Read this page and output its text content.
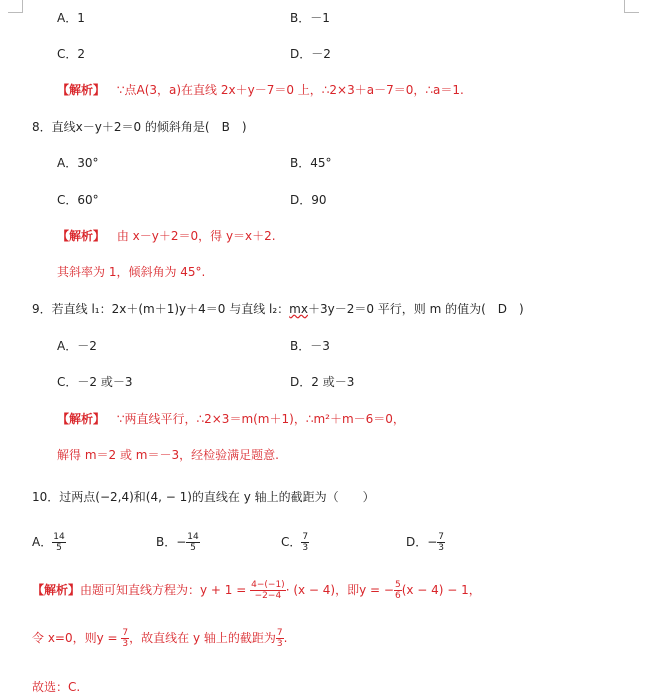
A．1	B．－1
C．2	D．－2
【解析】 ∵点A(3，a)在直线 2x＋y－7＝0 上，∴2×3＋a－7＝0，∴a＝1.
8．直线x－y＋2＝0 的倾斜角是(　B　)
A．30°	B．45°
C．60°	D．90
【解析】 由 x－y＋2＝0，得 y＝x＋2.
其斜率为 1，倾斜角为 45°.
9．若直线 l₁：2x＋(m＋1)y＋4＝0 与直线 l₂：mx＋3y－2＝0 平行，则 m 的值为(　D　)
A．－2	B．－3
C．－2 或－3	D．2 或－3
【解析】 ∵两直线平行，∴2×3＝m(m＋1)，∴m²＋m－6＝0，
解得 m＝2 或 m＝－3，经检验满足题意.
10．过两点(−2,4)和(4, − 1)的直线在 y 轴上的截距为（　　）
A． $\frac{14}{5}$	B．− $\frac{14}{5}$	C． $\frac{7}{3}$	D．− $\frac{7}{3}$
【解析】由题可知直线方程为：$y + 1 = \frac{4-(-1)}{-2-4} \cdot (x - 4)$，即y = − $\frac{5}{6} (x - 4) - 1$，
令 x=0，则$y = \frac{7}{3}$ ，故直线在 y 轴上的截距为 $\frac{7}{3}$ .
故选：C.
